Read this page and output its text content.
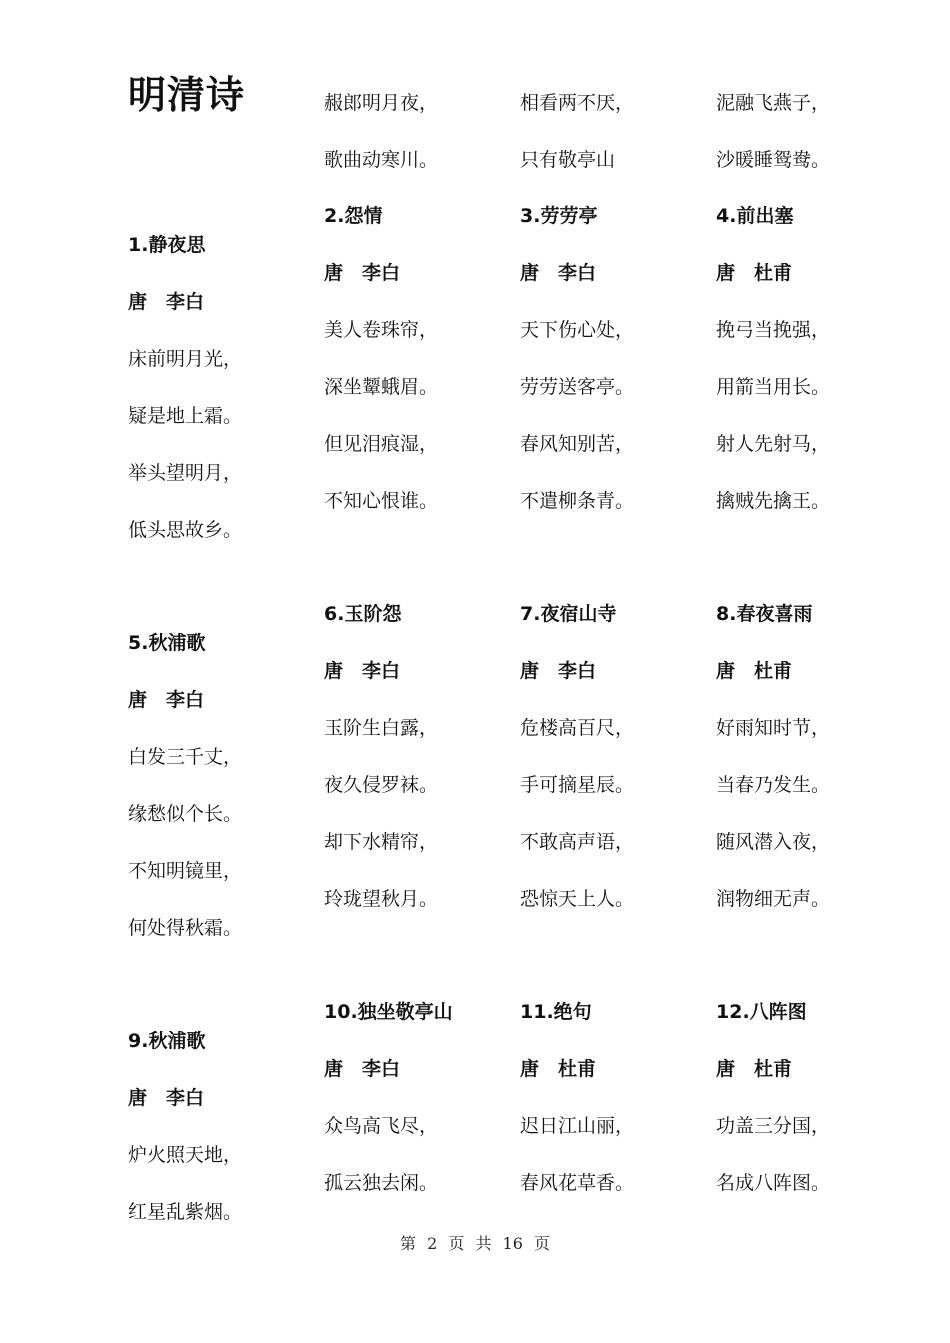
明清诗
第 2 页 共 16 页
赧郎明月夜，
歌曲动寒川。
相看两不厌，
只有敬亭山
泥融飞燕子，
沙暖睡鸳鸯。
1.静夜思
唐　李白
床前明月光，
疑是地上霜。
举头望明月，
低头思故乡。
2.怨情
唐　李白
美人卷珠帘，
深坐颦蛾眉。
但见泪痕湿，
不知心恨谁。
3.劳劳亭
唐　李白
天下伤心处，
劳劳送客亭。
春风知别苦，
不遣柳条青。
4.前出塞
唐　杜甫
挽弓当挽强，
用箭当用长。
射人先射马，
擒贼先擒王。
5.秋浦歌
唐　李白
白发三千丈，
缘愁似个长。
不知明镜里，
何处得秋霜。
6.玉阶怨
唐　李白
玉阶生白露，
夜久侵罗袜。
却下水精帘，
玲珑望秋月。
7.夜宿山寺
唐　李白
危楼高百尺，
手可摘星辰。
不敢高声语，
恐惊天上人。
8.春夜喜雨
唐　杜甫
好雨知时节，
当春乃发生。
随风潜入夜，
润物细无声。
9.秋浦歌
唐　李白
炉火照天地，
红星乱紫烟。
10.独坐敬亭山
唐　李白
众鸟高飞尽，
孤云独去闲。
11.绝句
唐　杜甫
迟日江山丽，
春风花草香。
12.八阵图
唐　杜甫
功盖三分国，
名成八阵图。
